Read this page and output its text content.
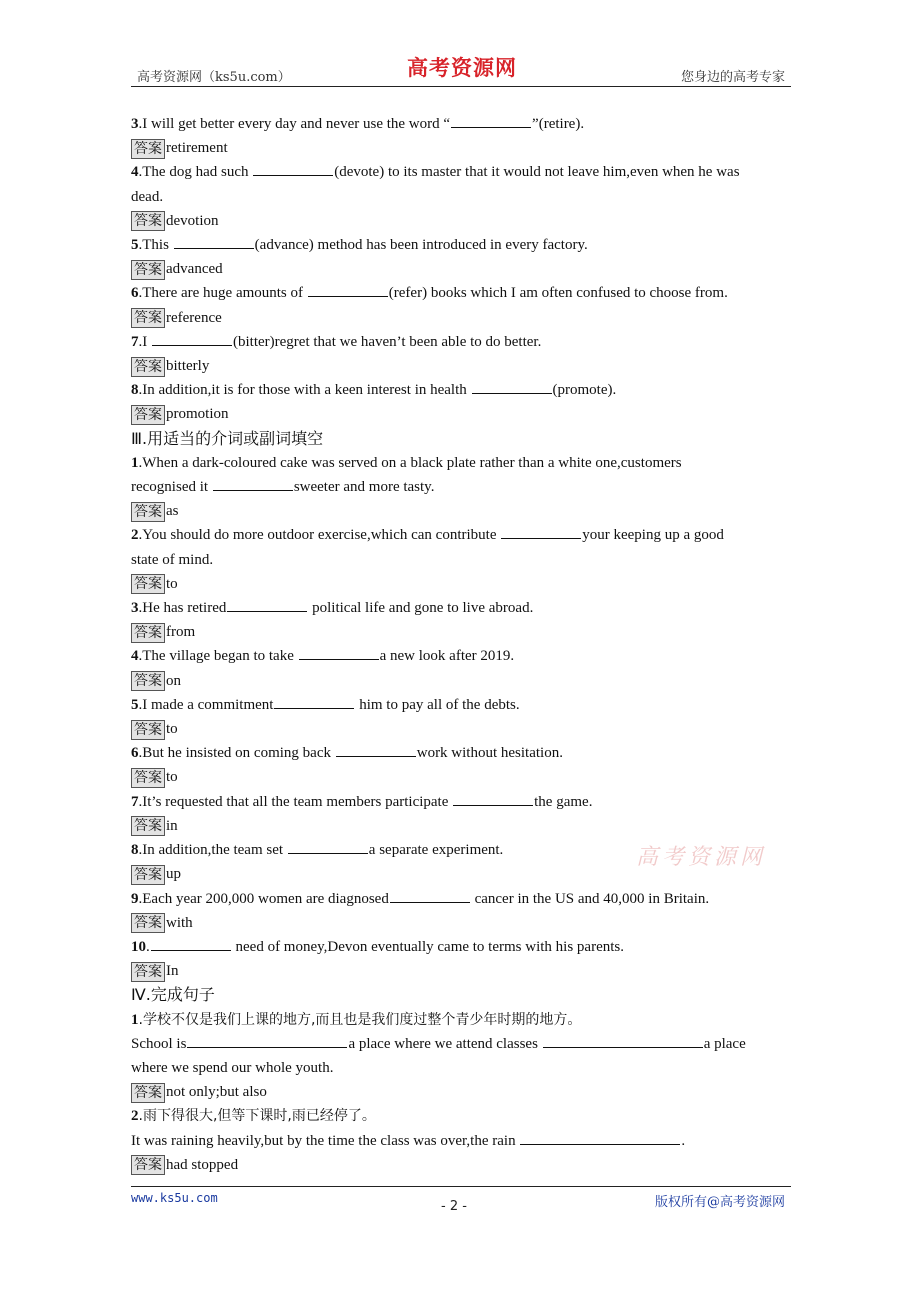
高考资源网（ks5u.com）	高考资源网	您身边的高考专家
3.I will get better every day and never use the word “	”(retire).
答案 retirement
4.The dog had such	(devote) to its master that it would not leave him,even when he was
dead.
答案 devotion
5.This	(advance) method has been introduced in every factory.
答案 advanced
6.There are huge amounts of	(refer) books which I am often confused to choose from.
答案 reference
7.I	(bitter)regret that we haven’t been able to do better.
答案 bitterly
8.In addition,it is for those with a keen interest in health	(promote).
答案 promotion
Ⅲ.用适当的介词或副词填空
1.When a dark-coloured cake was served on a black plate rather than a white one,customers
recognised it	sweeter and more tasty.
答案 as
2.You should do more outdoor exercise,which can contribute	your keeping up a good
state of mind.
答案 to
3.He has retired	political life and gone to live abroad.
答案 from
4.The village began to take	a new look after 2019.
答案 on
5.I made a commitment	him to pay all of the debts.
答案 to
6.But he insisted on coming back	work without hesitation.
答案 to
7.It’s requested that all the team members participate	the game.
答案 in
8.In addition,the team set	a separate experiment.
答案 up
9.Each year 200,000 women are diagnosed	cancer in the US and 40,000 in Britain.
答案 with
10.	need of money,Devon eventually came to terms with his parents.
答案 In
Ⅳ.完成句子
1.学校不仅是我们上课的地方,而且也是我们度过整个青少年时期的地方。
School is	a place where we attend classes	a place
where we spend our whole youth.
答案 not only;but also
2.雨下得很大,但等下课时,雨已经停了。
It was raining heavily,but by the time the class was over,the rain	.
答案 had stopped
高考资源网
www.ks5u.com
- 2 -	版权所有@高考资源网
